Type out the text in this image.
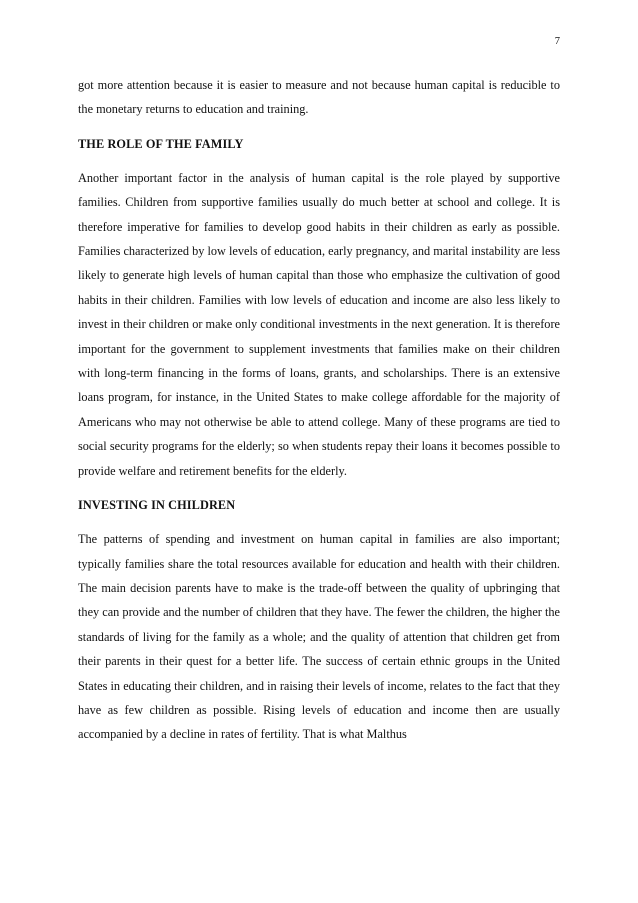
7

got more attention because it is easier to measure and not because human capital is reducible to the monetary returns to education and training.

THE ROLE OF THE FAMILY

Another important factor in the analysis of human capital is the role played by supportive families. Children from supportive families usually do much better at school and college. It is therefore imperative for families to develop good habits in their children as early as possible. Families characterized by low levels of education, early pregnancy, and marital instability are less likely to generate high levels of human capital than those who emphasize the cultivation of good habits in their children. Families with low levels of education and income are also less likely to invest in their children or make only conditional investments in the next generation. It is therefore important for the government to supplement investments that families make on their children with long-term financing in the forms of loans, grants, and scholarships. There is an extensive loans program, for instance, in the United States to make college affordable for the majority of Americans who may not otherwise be able to attend college. Many of these programs are tied to social security programs for the elderly; so when students repay their loans it becomes possible to provide welfare and retirement benefits for the elderly.

INVESTING IN CHILDREN

The patterns of spending and investment on human capital in families are also important; typically families share the total resources available for education and health with their children. The main decision parents have to make is the trade-off between the quality of upbringing that they can provide and the number of children that they have. The fewer the children, the higher the standards of living for the family as a whole; and the quality of attention that children get from their parents in their quest for a better life. The success of certain ethnic groups in the United States in educating their children, and in raising their levels of income, relates to the fact that they have as few children as possible. Rising levels of education and income then are usually accompanied by a decline in rates of fertility. That is what Malthus
